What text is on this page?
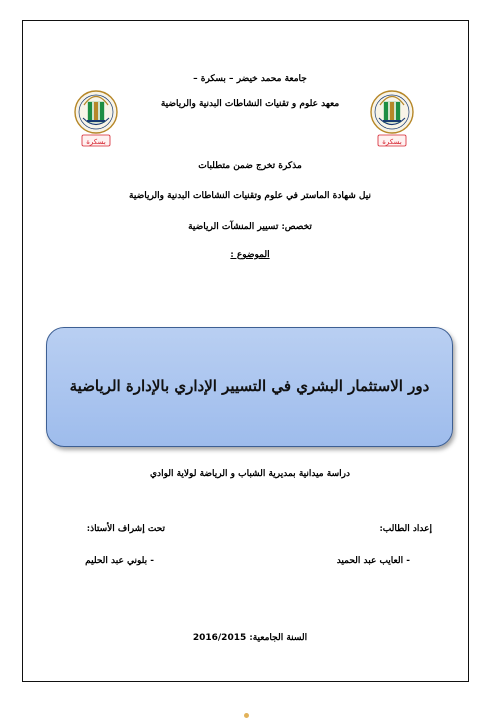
بسكرة	بسكرة
جامعة محمد خيضر – بسكرة –
معهد علوم و تقنيات النشاطات البدنية والرياضية
مذكرة تخرج ضمن متطلبات
نيل شهادة الماستر في علوم وتقنيات النشاطات البدنية والرياضية
تخصص: تسيير المنشآت الرياضية
الموضوع :
دور الاستثمار البشري في التسيير الإداري بالإدارة الرياضية
دراسة ميدانية بمديرية الشباب و الرياضة لولاية الوادي
إعداد الطالب:
تحت إشراف الأستاذ:
- العايب عبد الحميد
- بلوني عبد الحليم
السنة الجامعية: 2016/2015
